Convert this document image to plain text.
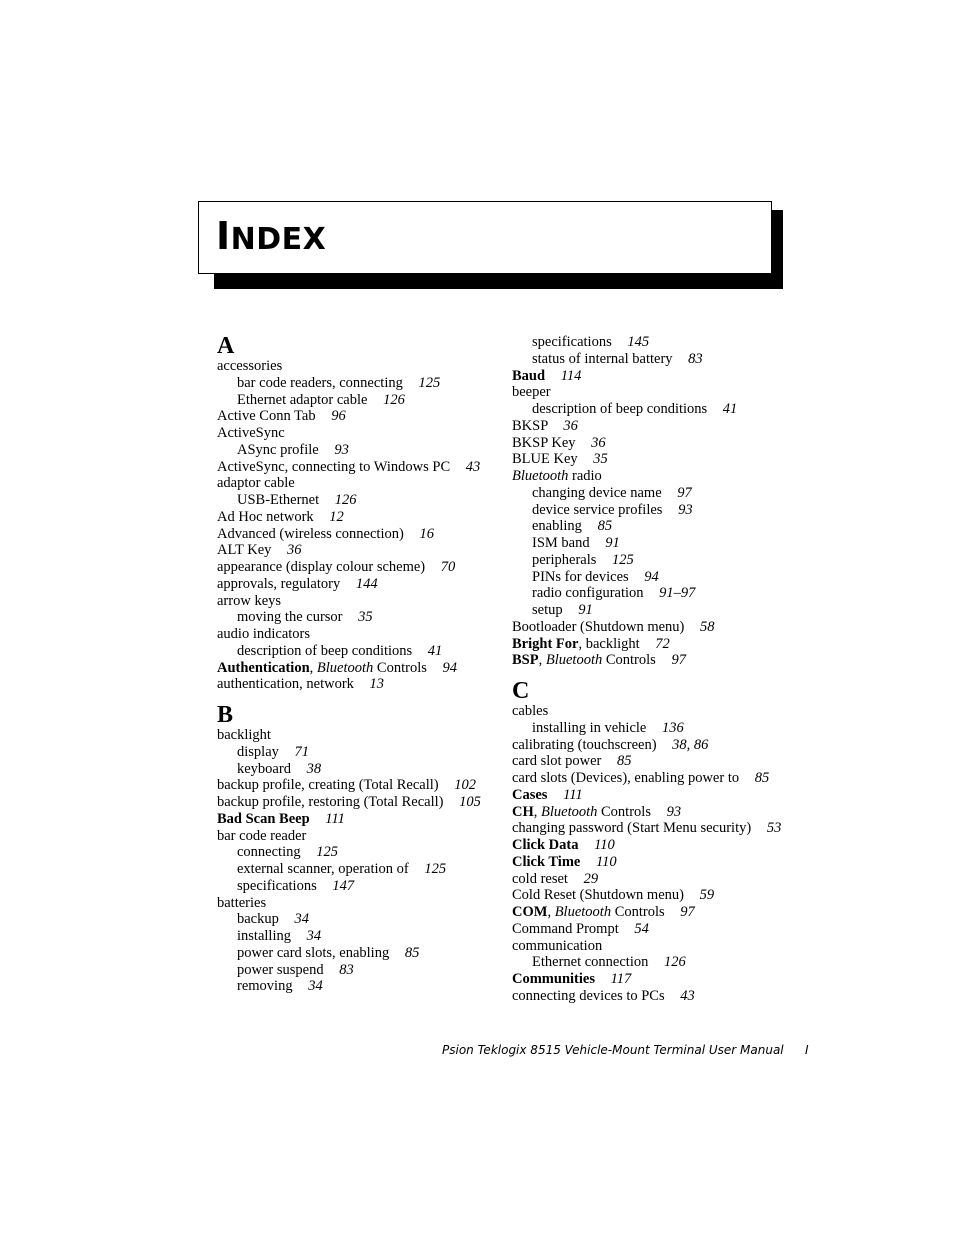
INDEX
A
accessories
bar code readers, connecting 125
Ethernet adaptor cable 126
Active Conn Tab 96
ActiveSync
ASync profile 93
ActiveSync, connecting to Windows PC 43
adaptor cable
USB-Ethernet 126
Ad Hoc network 12
Advanced (wireless connection) 16
ALT Key 36
appearance (display colour scheme) 70
approvals, regulatory 144
arrow keys
moving the cursor 35
audio indicators
description of beep conditions 41
Authentication, Bluetooth Controls 94
authentication, network 13
B
backlight
display 71
keyboard 38
backup profile, creating (Total Recall) 102
backup profile, restoring (Total Recall) 105
Bad Scan Beep 111
bar code reader
connecting 125
external scanner, operation of 125
specifications 147
batteries
backup 34
installing 34
power card slots, enabling 85
power suspend 83
removing 34
specifications 145
status of internal battery 83
Baud 114
beeper
description of beep conditions 41
BKSP 36
BKSP Key 36
BLUE Key 35
Bluetooth radio
changing device name 97
device service profiles 93
enabling 85
ISM band 91
peripherals 125
PINs for devices 94
radio configuration 91–97
setup 91
Bootloader (Shutdown menu) 58
Bright For, backlight 72
BSP, Bluetooth Controls 97
C
cables
installing in vehicle 136
calibrating (touchscreen) 38, 86
card slot power 85
card slots (Devices), enabling power to 85
Cases 111
CH, Bluetooth Controls 93
changing password (Start Menu security) 53
Click Data 110
Click Time 110
cold reset 29
Cold Reset (Shutdown menu) 59
COM, Bluetooth Controls 97
Command Prompt 54
communication
Ethernet connection 126
Communities 117
connecting devices to PCs 43
Psion Teklogix 8515 Vehicle-Mount Terminal User Manual I
